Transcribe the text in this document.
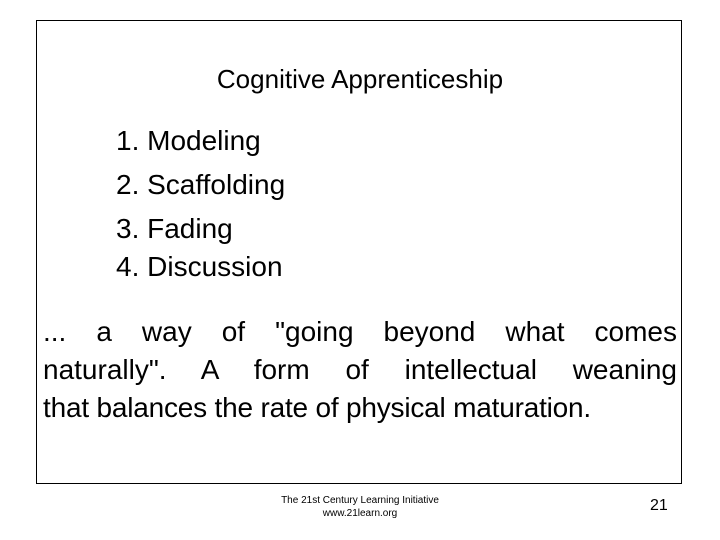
Cognitive Apprenticeship
1. Modeling
2. Scaffolding
3. Fading
4. Discussion

... a way of "going beyond what comes
naturally". A form of intellectual weaning
that balances the rate of physical maturation.

The 21st Century Learning Initiative
www.21learn.org	21
